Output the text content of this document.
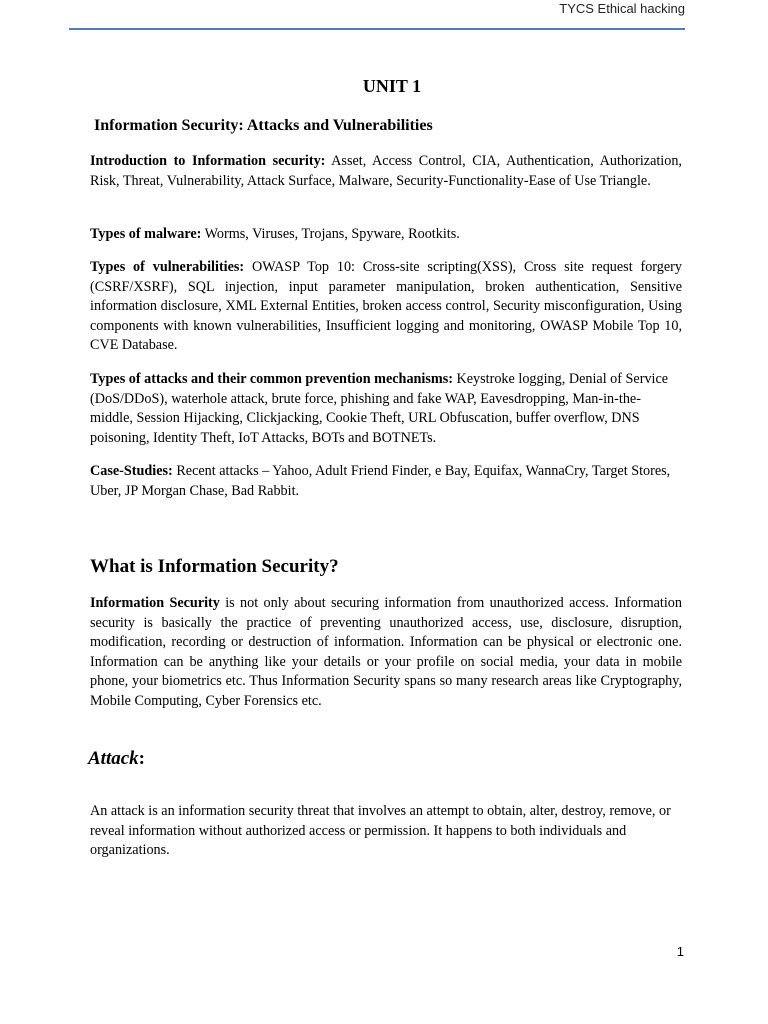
TYCS Ethical hacking
UNIT 1
Information Security: Attacks and Vulnerabilities

Introduction to Information security: Asset, Access Control, CIA, Authentication, Authorization, Risk, Threat, Vulnerability, Attack Surface, Malware, Security-Functionality-Ease of Use Triangle.

Types of malware: Worms, Viruses, Trojans, Spyware, Rootkits.

Types of vulnerabilities: OWASP Top 10: Cross-site scripting(XSS), Cross site request forgery (CSRF/XSRF), SQL injection, input parameter manipulation, broken authentication, Sensitive information disclosure, XML External Entities, broken access control, Security misconfiguration, Using components with known vulnerabilities, Insufficient logging and monitoring, OWASP Mobile Top 10, CVE Database.

Types of attacks and their common prevention mechanisms: Keystroke logging, Denial of Service (DoS/DDoS), waterhole attack, brute force, phishing and fake WAP, Eavesdropping, Man-in-the-middle, Session Hijacking, Clickjacking, Cookie Theft, URL Obfuscation, buffer overflow, DNS poisoning, Identity Theft, IoT Attacks, BOTs and BOTNETs.

Case-Studies: Recent attacks – Yahoo, Adult Friend Finder, e Bay, Equifax, WannaCry, Target Stores, Uber, JP Morgan Chase, Bad Rabbit.

What is Information Security?

Information Security is not only about securing information from unauthorized access. Information security is basically the practice of preventing unauthorized access, use, disclosure, disruption, modification, recording or destruction of information. Information can be physical or electronic one. Information can be anything like your details or your profile on social media, your data in mobile phone, your biometrics etc. Thus Information Security spans so many research areas like Cryptography, Mobile Computing, Cyber Forensics etc.

Attack:

An attack is an information security threat that involves an attempt to obtain, alter, destroy, remove, or reveal information without authorized access or permission. It happens to both individuals and organizations.

1
